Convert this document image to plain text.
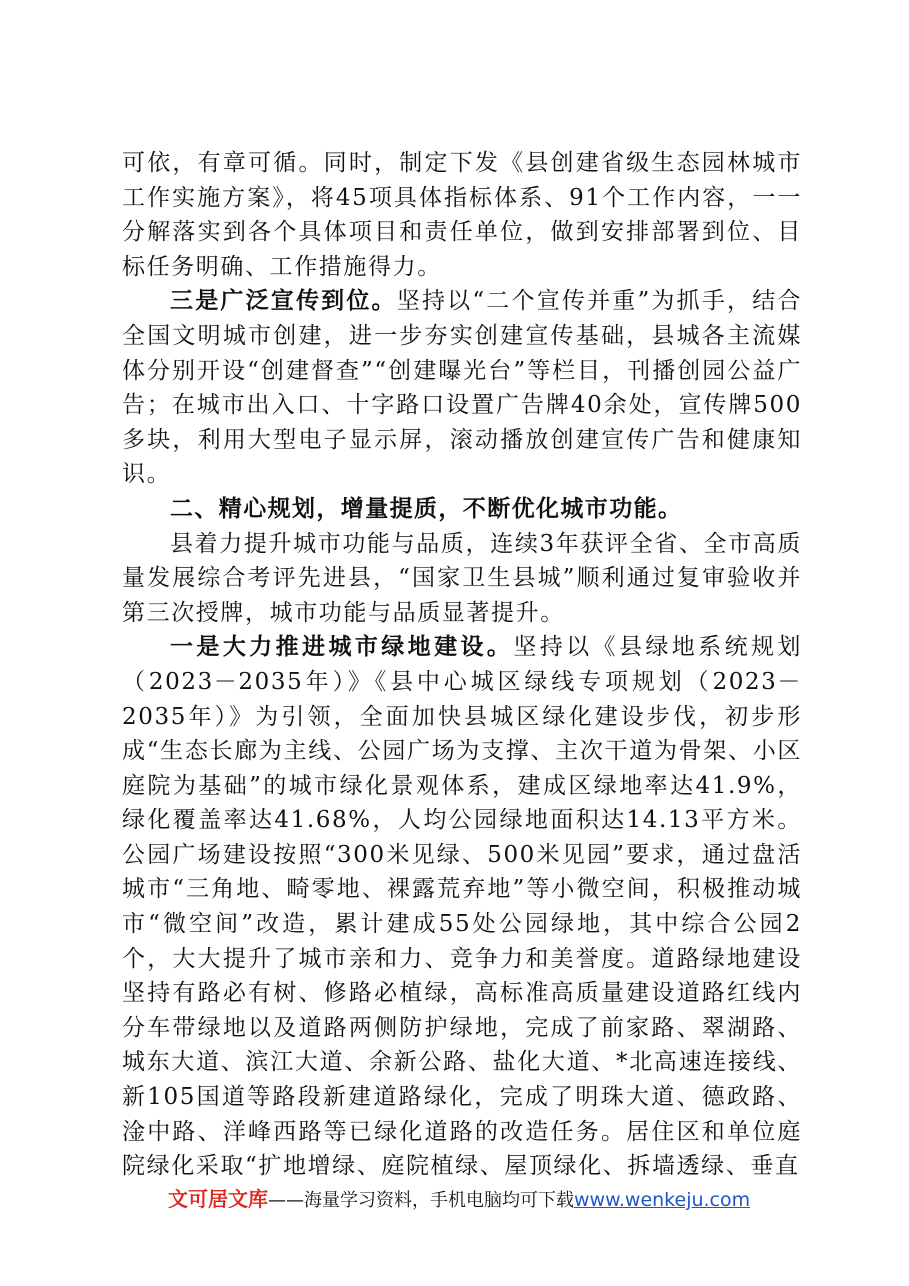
可依，有章可循。同时，制定下发《县创建省级生态园林城市工作实施方案》，将45项具体指标体系、91个工作内容，一一分解落实到各个具体项目和责任单位，做到安排部署到位、目标任务明确、工作措施得力。

三是广泛宣传到位。坚持以“二个宣传并重”为抓手，结合全国文明城市创建，进一步夯实创建宣传基础，县城各主流媒体分别开设“创建督查”“创建曝光台”等栏目，刊播创园公益广告；在城市出入口、十字路口设置广告牌40余处，宣传牌500多块，利用大型电子显示屏，滚动播放创建宣传广告和健康知识。

二、精心规划，增量提质，不断优化城市功能。

县着力提升城市功能与品质，连续3年获评全省、全市高质量发展综合考评先进县，“国家卫生县城”顺利通过复审验收并第三次授牌，城市功能与品质显著提升。

一是大力推进城市绿地建设。坚持以《县绿地系统规划（2023－2035年）》《县中心城区绿线专项规划（2023－2035年）》为引领，全面加快县城区绿化建设步伐，初步形成“生态长廊为主线、公园广场为支撑、主次干道为骨架、小区庭院为基础”的城市绿化景观体系，建成区绿地率达41.9%，绿化覆盖率达41.68%，人均公园绿地面积达14.13平方米。公园广场建设按照“300米见绿、500米见园”要求，通过盘活城市“三角地、畸零地、裸露荒弃地”等小微空间，积极推动城市“微空间”改造，累计建成55处公园绿地，其中综合公园2个，大大提升了城市亲和力、竞争力和美誉度。道路绿地建设坚持有路必有树、修路必植绿，高标准高质量建设道路红线内分车带绿地以及道路两侧防护绿地，完成了前家路、翠湖路、城东大道、滨江大道、余新公路、盐化大道、*北高速连接线、新105国道等路段新建道路绿化，完成了明珠大道、德政路、淦中路、洋峰西路等已绿化道路的改造任务。居住区和单位庭院绿化采取“扩地增绿、庭院植绿、屋顶绿化、拆墙透绿、垂直

文可居文库——海量学习资料，手机电脑均可下载www.wenkeju.com
